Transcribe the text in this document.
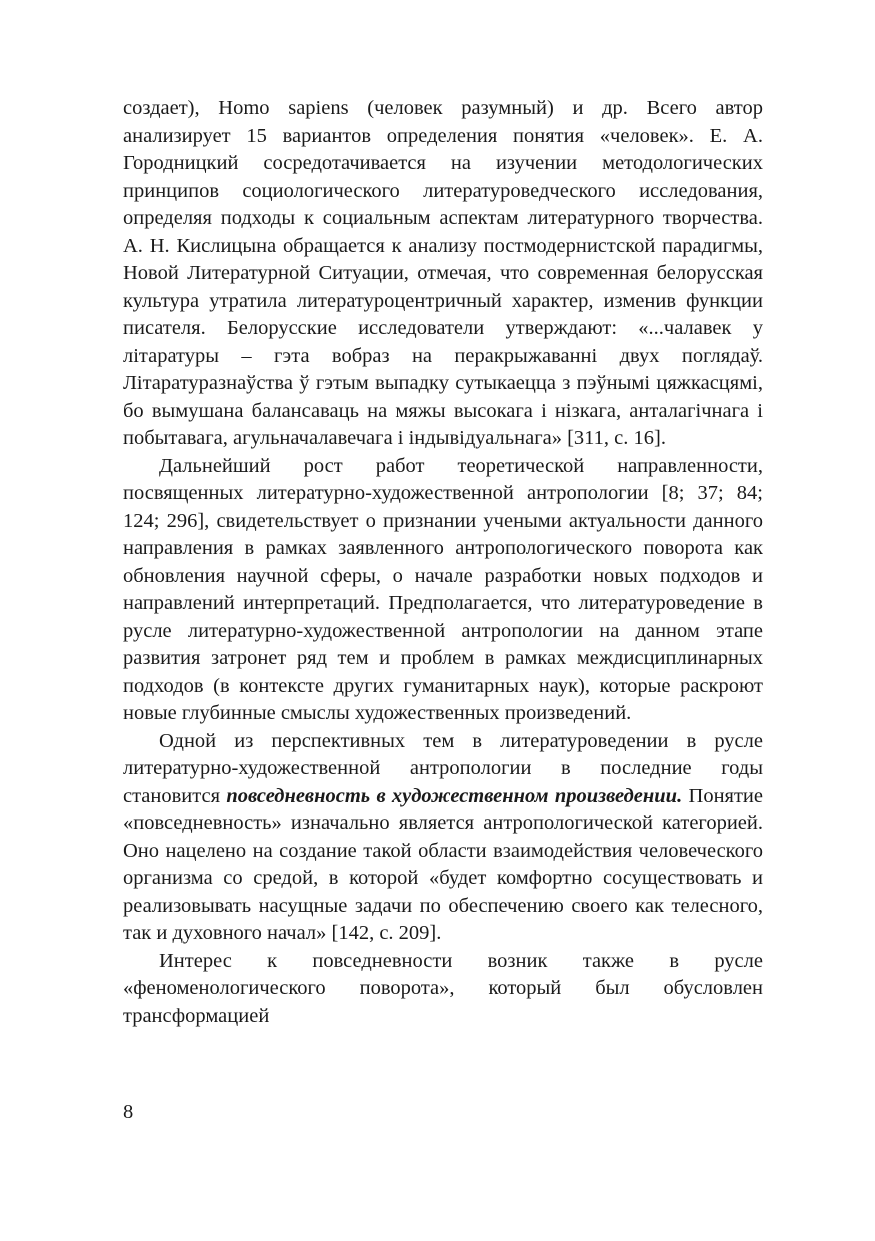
создает), Homo sapiens (человек разумный) и др. Всего автор анализирует 15 вариантов определения понятия «человек». Е. А. Городницкий сосредотачивается на изучении методологических принципов социологического литературоведческого исследования, определяя подходы к социальным аспектам литературного творчества. А. Н. Кислицына обращается к анализу постмодернистской парадигмы, Новой Литературной Ситуации, отмечая, что современная белорусская культура утратила литературоцентричный характер, изменив функции писателя. Белорусские исследователи утверждают: «...чалавек у літаратуры – гэта вобраз на перакрыжаванні двух поглядаў. Літаратуразнаўства ў гэтым выпадку сутыкаецца з пэўнымі цяжкасцямі, бо вымушана балансаваць на мяжы высокага і нізкага, анталагічнага і побытавага, агульначалавечага і індывідуальнага» [311, с. 16].

Дальнейший рост работ теоретической направленности, посвященных литературно-художественной антропологии [8; 37; 84; 124; 296], свидетельствует о признании учеными актуальности данного направления в рамках заявленного антропологического поворота как обновления научной сферы, о начале разработки новых подходов и направлений интерпретаций. Предполагается, что литературоведение в русле литературно-художественной антропологии на данном этапе развития затронет ряд тем и проблем в рамках междисциплинарных подходов (в контексте других гуманитарных наук), которые раскроют новые глубинные смыслы художественных произведений.

Одной из перспективных тем в литературоведении в русле литературно-художественной антропологии в последние годы становится повседневность в художественном произведении. Понятие «повседневность» изначально является антропологической категорией. Оно нацелено на создание такой области взаимодействия человеческого организма со средой, в которой «будет комфортно сосуществовать и реализовывать насущные задачи по обеспечению своего как телесного, так и духовного начал» [142, с. 209].

Интерес к повседневности возник также в русле «феноменологического поворота», который был обусловлен трансформацией

8
